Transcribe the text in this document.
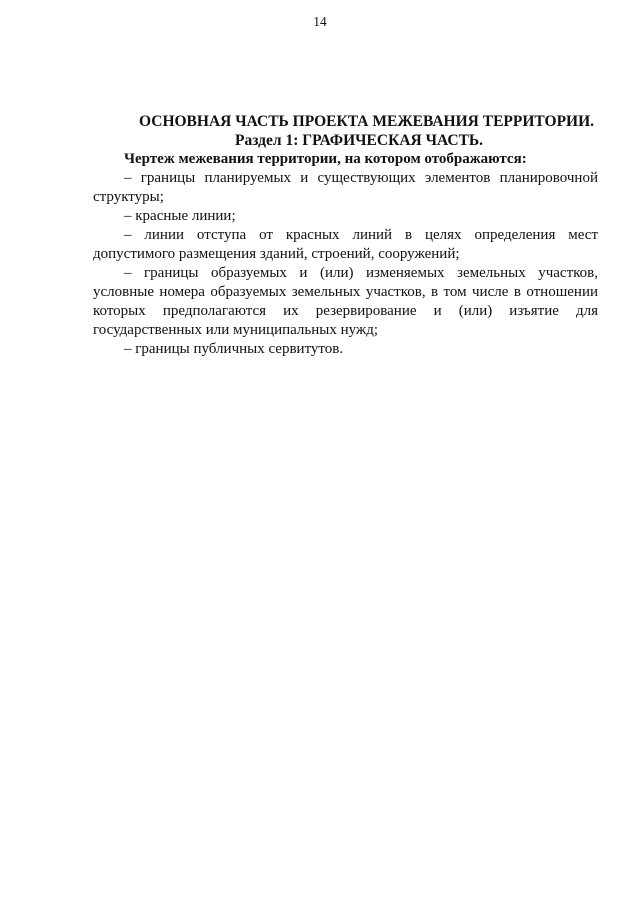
14

ОСНОВНАЯ ЧАСТЬ ПРОЕКТА МЕЖЕВАНИЯ ТЕРРИТОРИИ.

Раздел 1: ГРАФИЧЕСКАЯ ЧАСТЬ.

Чертеж межевания территории, на котором отображаются:

– границы планируемых и существующих элементов планировочной структуры;

– красные линии;

– линии отступа от красных линий в целях определения мест допустимого размещения зданий, строений, сооружений;

– границы образуемых и (или) изменяемых земельных участков, условные номера образуемых земельных участков, в том числе в отношении которых предполагаются их резервирование и (или) изъятие для государственных или муниципальных нужд;

– границы публичных сервитутов.
